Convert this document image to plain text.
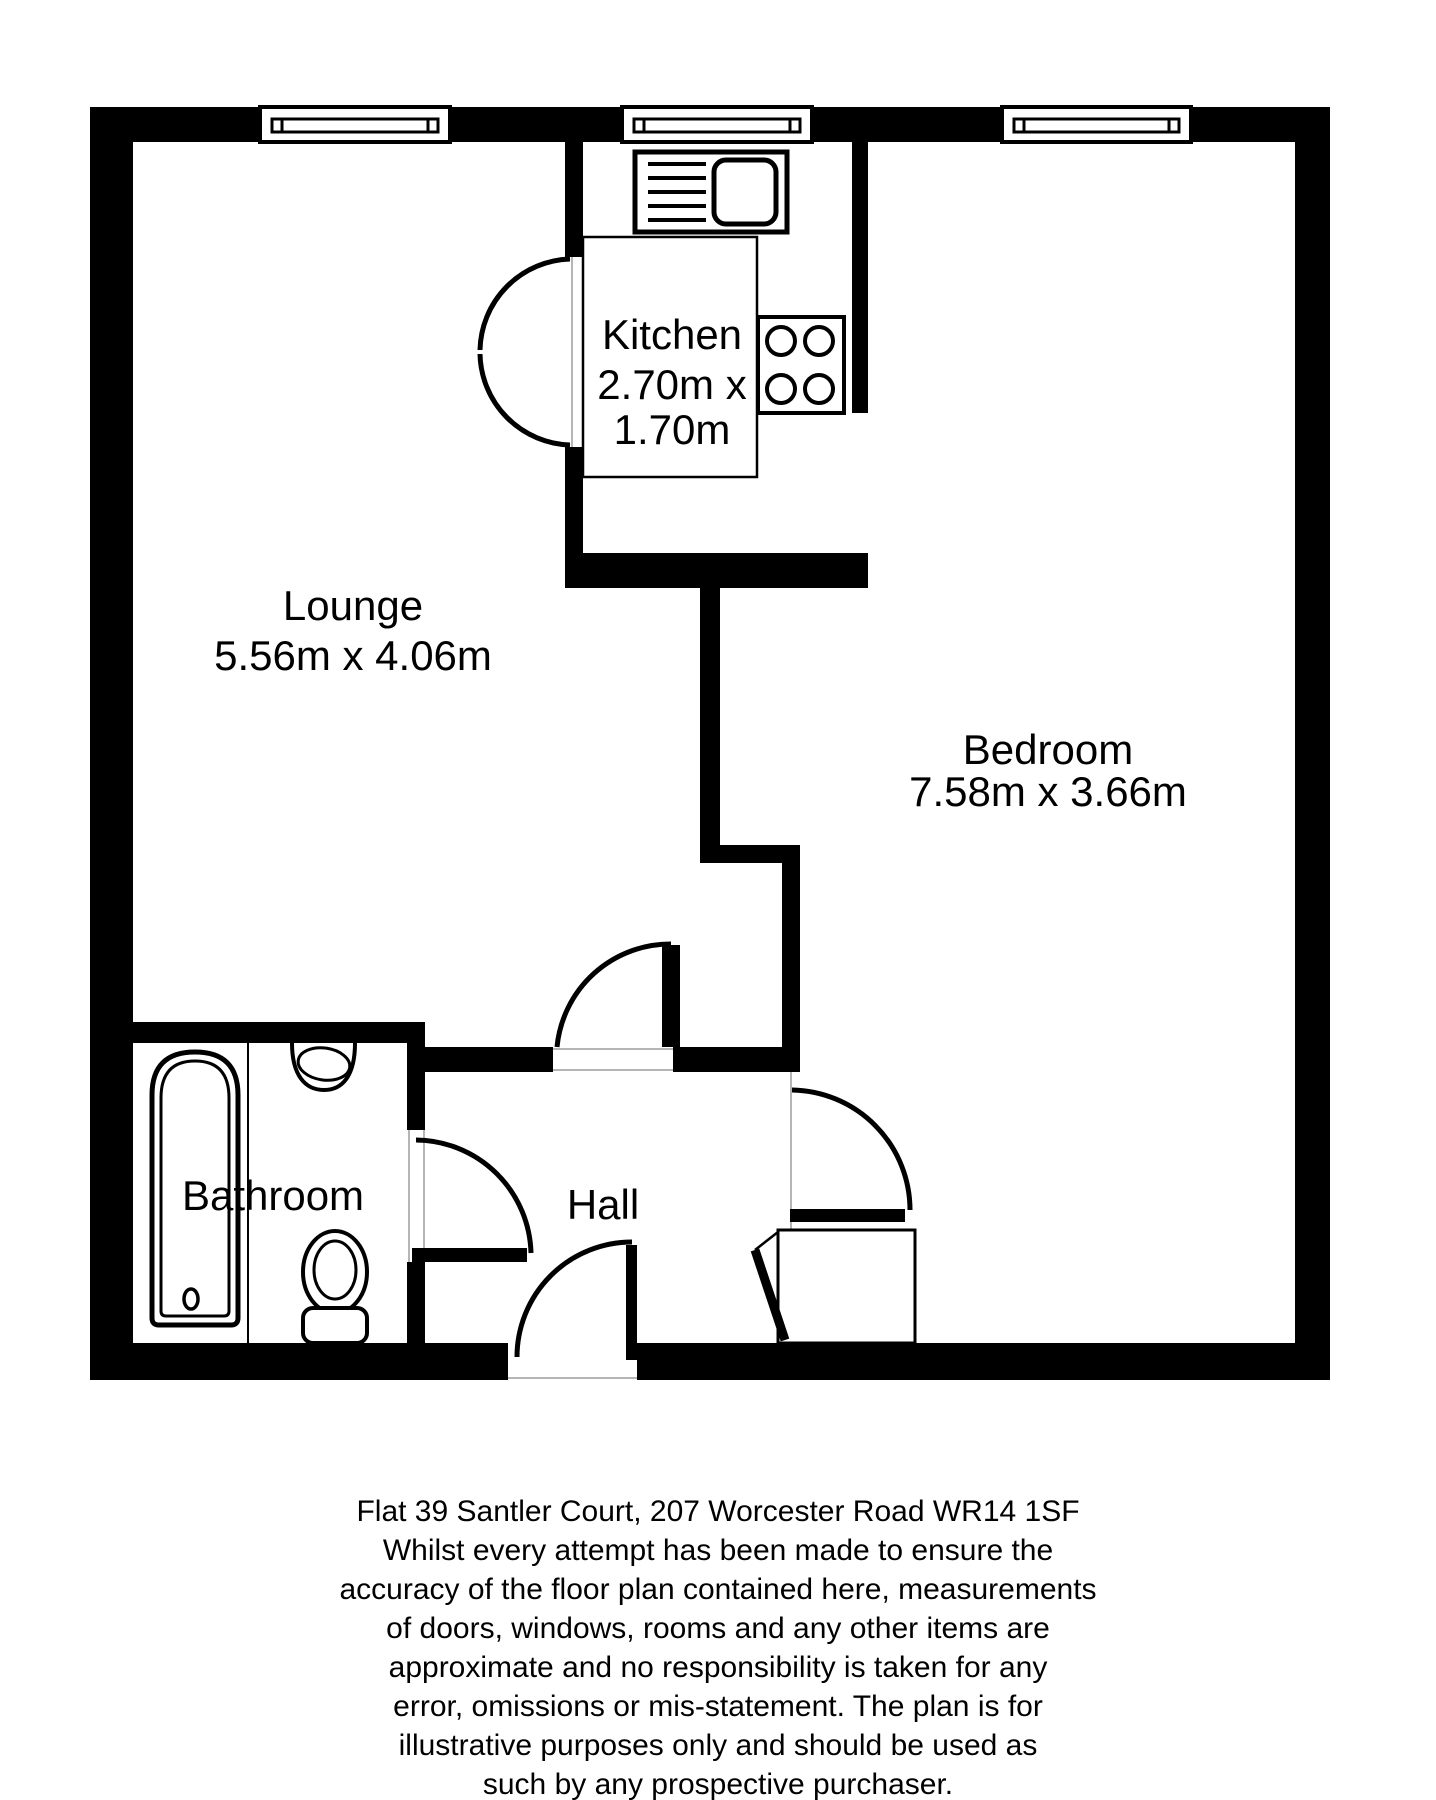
Lounge
5.56m x 4.06m
Kitchen
2.70m x
1.70m
Bedroom
7.58m x 3.66m
Bathroom	Hall
Flat 39 Santler Court, 207 Worcester Road WR14 1SF
Whilst every attempt has been made to ensure the
accuracy of the floor plan contained here, measurements
of doors, windows, rooms and any other items are
approximate and no responsibility is taken for any
error, omissions or mis-statement. The plan is for
illustrative purposes only and should be used as
such by any prospective purchaser.
